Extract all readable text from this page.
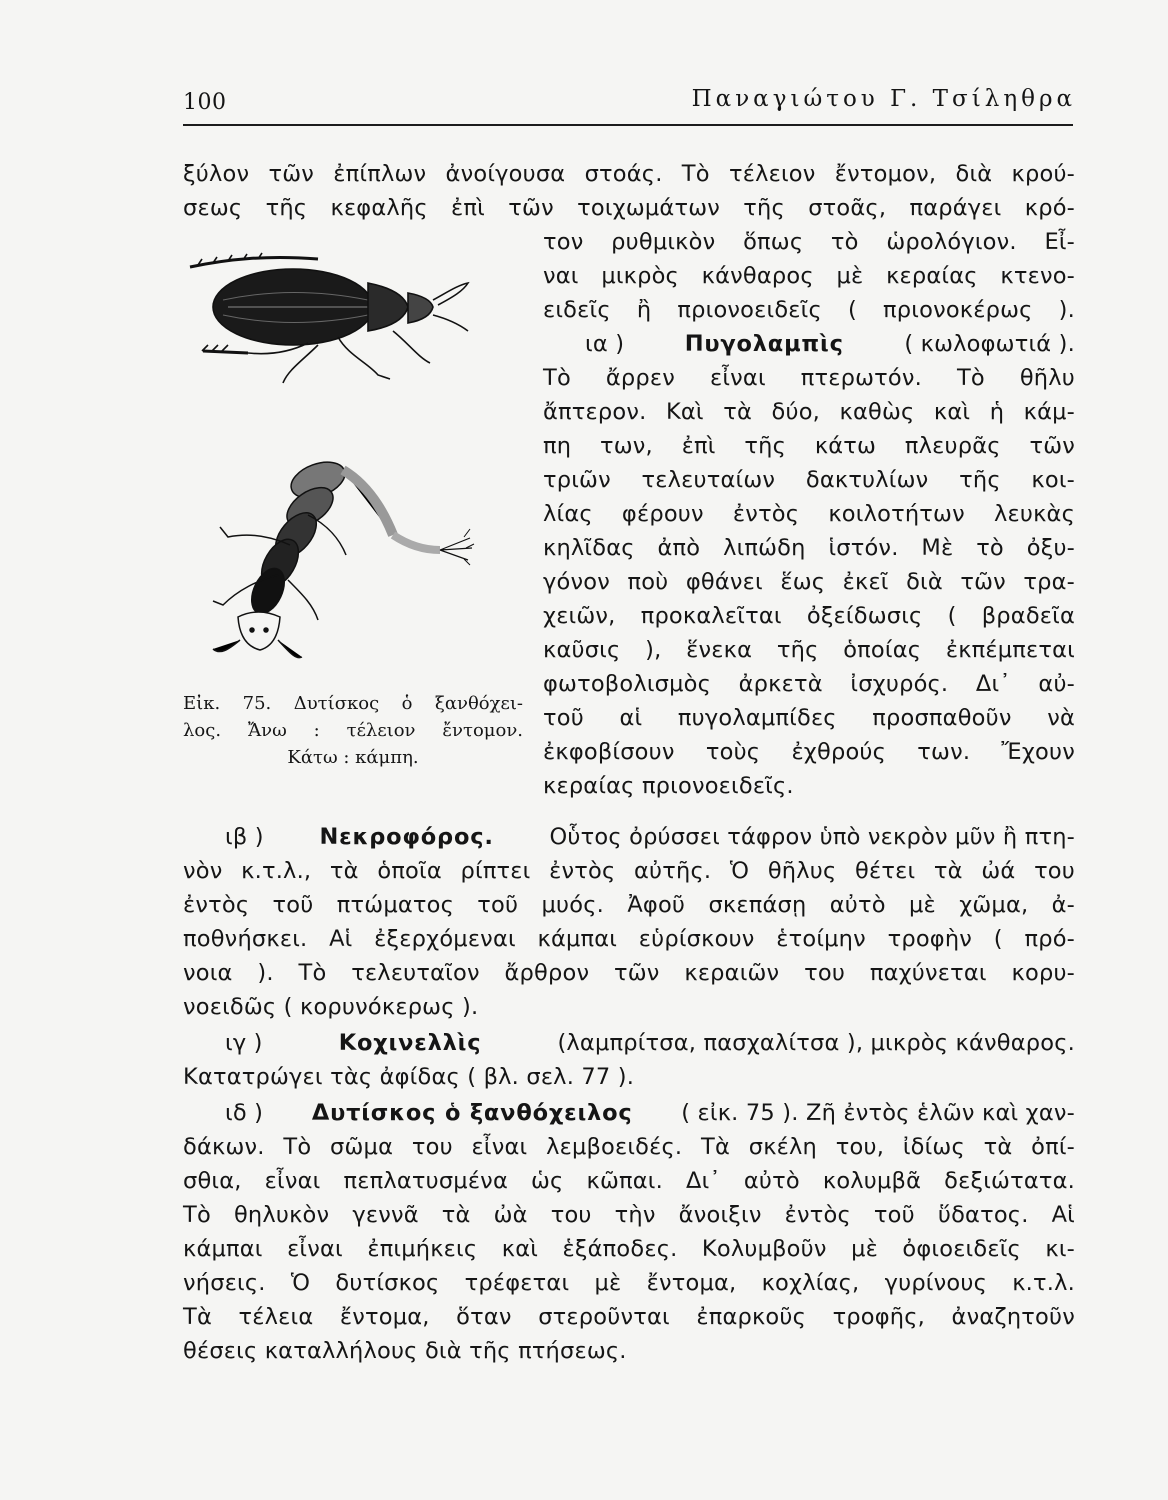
100	Παναγιώτου Γ. Τσίληθρα
ξύλον τῶν ἐπίπλων ἀνοίγουσα στοάς. Τὸ τέλειον ἔντομον, διὰ κρού-
σεως τῆς κεφαλῆς ἐπὶ τῶν τοιχωμάτων τῆς στοᾶς, παράγει κρό-
τον ρυθμικὸν ὅπως τὸ ὡρολόγιον. Εἶ-
ναι μικρὸς κάνθαρος μὲ κεραίας κτενο-
ειδεῖς ἢ πριονοειδεῖς ( πριονοκέρως ).
ια )	Πυγολαμπὶς	( κωλοφωτιά ).
Τὸ ἄρρεν εἶναι πτερωτόν. Τὸ θῆλυ
ἄπτερον. Καὶ τὰ δύο, καθὼς καὶ ἡ κάμ-
πη των, ἐπὶ τῆς κάτω πλευρᾶς τῶν
τριῶν τελευταίων δακτυλίων τῆς κοι-
λίας φέρουν ἐντὸς κοιλοτήτων λευκὰς
κηλῖδας ἀπὸ λιπώδη ἱστόν. Μὲ τὸ ὀξυ-
γόνον ποὺ φθάνει ἕως ἐκεῖ διὰ τῶν τρα-
χειῶν, προκαλεῖται ὀξείδωσις ( βραδεῖα
καῦσις ), ἕνεκα τῆς ὁποίας ἐκπέμπεται
φωτοβολισμὸς ἀρκετὰ ἰσχυρός. Δι᾿ αὐ-
τοῦ αἱ πυγολαμπίδες προσπαθοῦν νὰ
ἐκφοβίσουν τοὺς ἐχθρούς των. Ἔχουν
κεραίας πριονοειδεῖς.
Εἰκ. 75. Δυτίσκος ὁ ξανθόχει-
λος. Ἄνω : τέλειον ἔντομον.
Κάτω : κάμπη.
ιβ ) Νεκροφόρος. Οὗτος ὀρύσσει τάφρον ὑπὸ νεκρὸν μῦν ἢ πτη-
νὸν κ.τ.λ., τὰ ὁποῖα ρίπτει ἐντὸς αὐτῆς. Ὁ θῆλυς θέτει τὰ ὠά του
ἐντὸς τοῦ πτώματος τοῦ μυός. Ἀφοῦ σκεπάσῃ αὐτὸ μὲ χῶμα, ἀ-
ποθνήσκει. Αἱ ἐξερχόμεναι κάμπαι εὑρίσκουν ἑτοίμην τροφὴν ( πρό-
νοια ). Τὸ τελευταῖον ἄρθρον τῶν κεραιῶν του παχύνεται κορυ-
νοειδῶς ( κορυνόκερως ).
ιγ )	Κοχινελλὶς	(λαμπρίτσα, πασχαλίτσα ), μικρὸς κάνθαρος.
Κατατρώγει τὰς ἀφίδας ( βλ. σελ. 77 ).
ιδ ) Δυτίσκος ὁ ξανθόχειλος ( εἰκ. 75 ). Ζῆ ἐντὸς ἑλῶν καὶ χαν-
δάκων. Τὸ σῶμα του εἶναι λεμβοειδές. Τὰ σκέλη του, ἰδίως τὰ ὀπί-
σθια, εἶναι πεπλατυσμένα ὡς κῶπαι. Δι᾿ αὐτὸ κολυμβᾶ δεξιώτατα.
Τὸ θηλυκὸν γεννᾶ τὰ ὠὰ του τὴν ἄνοιξιν ἐντὸς τοῦ ὕδατος. Αἱ
κάμπαι εἶναι ἐπιμήκεις καὶ ἑξάποδες. Κολυμβοῦν μὲ ὀφιοειδεῖς κι-
νήσεις. Ὁ δυτίσκος τρέφεται μὲ ἔντομα, κοχλίας, γυρίνους κ.τ.λ.
Τὰ τέλεια ἔντομα, ὅταν στεροῦνται ἐπαρκοῦς τροφῆς, ἀναζητοῦν
θέσεις καταλλήλους διὰ τῆς πτήσεως.
